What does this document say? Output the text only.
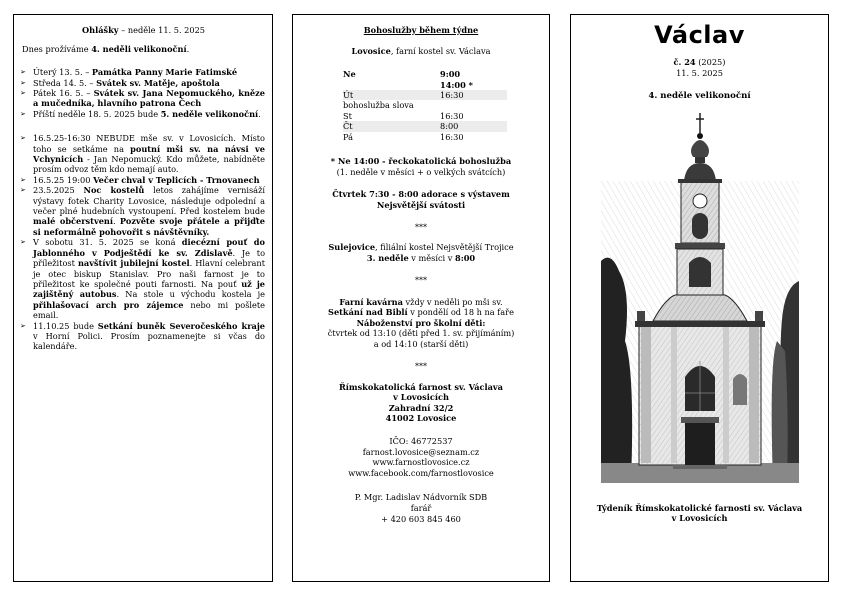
Ohlášky – neděle 11. 5. 2025
Dnes prožíváme 4. neděli velikonoční.
➢ Úterý 13. 5. – Památka Panny Marie Fatimské
➢ Středa 14. 5. – Svátek sv. Matěje, apoštola
➢ Pátek 16. 5. – Svátek sv. Jana Nepomuckého, kněze a mučedníka, hlavního patrona Čech
➢ Příští neděle 18. 5. 2025 bude 5. neděle velikonoční.
➢ 16.5.25-16:30 NEBUDE mše sv. v Lovosicích. Místo toho se setkáme na poutní mši sv. na návsi ve Vchynicích - Jan Nepomucký. Kdo můžete, nabídněte prosím odvoz těm kdo nemají auto.
➢ 16.5.25 19:00 Večer chval v Teplicích - Trnovanech
➢ 23.5.2025 Noc kostelů letos zahájíme vernisáží výstavy fotek Charity Lovosice, následuje odpolední a večer plné hudebních vystoupení. Před kostelem bude malé občerstvení. Pozvěte svoje přátele a přijďte si neformálně pohovořit s návštěvníky.
➢ V sobotu 31. 5. 2025 se koná diecézní pouť do Jablonného v Podještědí ke sv. Zdislavě. Je to příležitost navštívit jubilejní kostel. Hlavní celebrant je otec biskup Stanislav. Pro naši farnost je to příležitost ke společné pouti farnosti. Na pouť už je zajištěný autobus. Na stole u východu kostela je přihlašovací arch pro zájemce nebo mi pošlete email.
➢ 11.10.25 bude Setkání buněk Severočeského kraje v Horní Polici. Prosím poznamenejte si včas do kalendáře.
Bohoslužby během týdne
Lovosice, farní kostel sv. Václava
Ne	9:00
14:00 *
Út	16:30
bohoslužba slova
St	16:30
Čt	8:00
Pá	16:30
* Ne 14:00 - řeckokatolická bohoslužba
(1. neděle v měsíci + o velkých svátcích)
Čtvrtek 7:30 - 8:00 adorace s výstavem
Nejsvětější svátosti
***
Sulejovice, filiální kostel Nejsvětější Trojice
3. neděle v měsíci v 8:00
***
Farní kavárna vždy v neděli po mši sv.
Setkání nad Biblí v pondělí od 18 h na faře
Náboženství pro školní děti:
čtvrtek od 13:10 (děti před 1. sv. přijímáním)
a od 14:10 (starší děti)
***
Římskokatolická farnost sv. Václava
v Lovosicích
Zahradní 32/2
41002 Lovosice
IČO: 46772537
farnost.lovosice@seznam.cz
www.farnostlovosice.cz
www.facebook.com/farnostlovosice
P. Mgr. Ladislav Nádvorník SDB
farář
+ 420 603 845 460
Václav
č. 24 (2025)
11. 5. 2025
4. neděle velikonoční
Týdeník Římskokatolické farnosti sv. Václava
v Lovosicích
